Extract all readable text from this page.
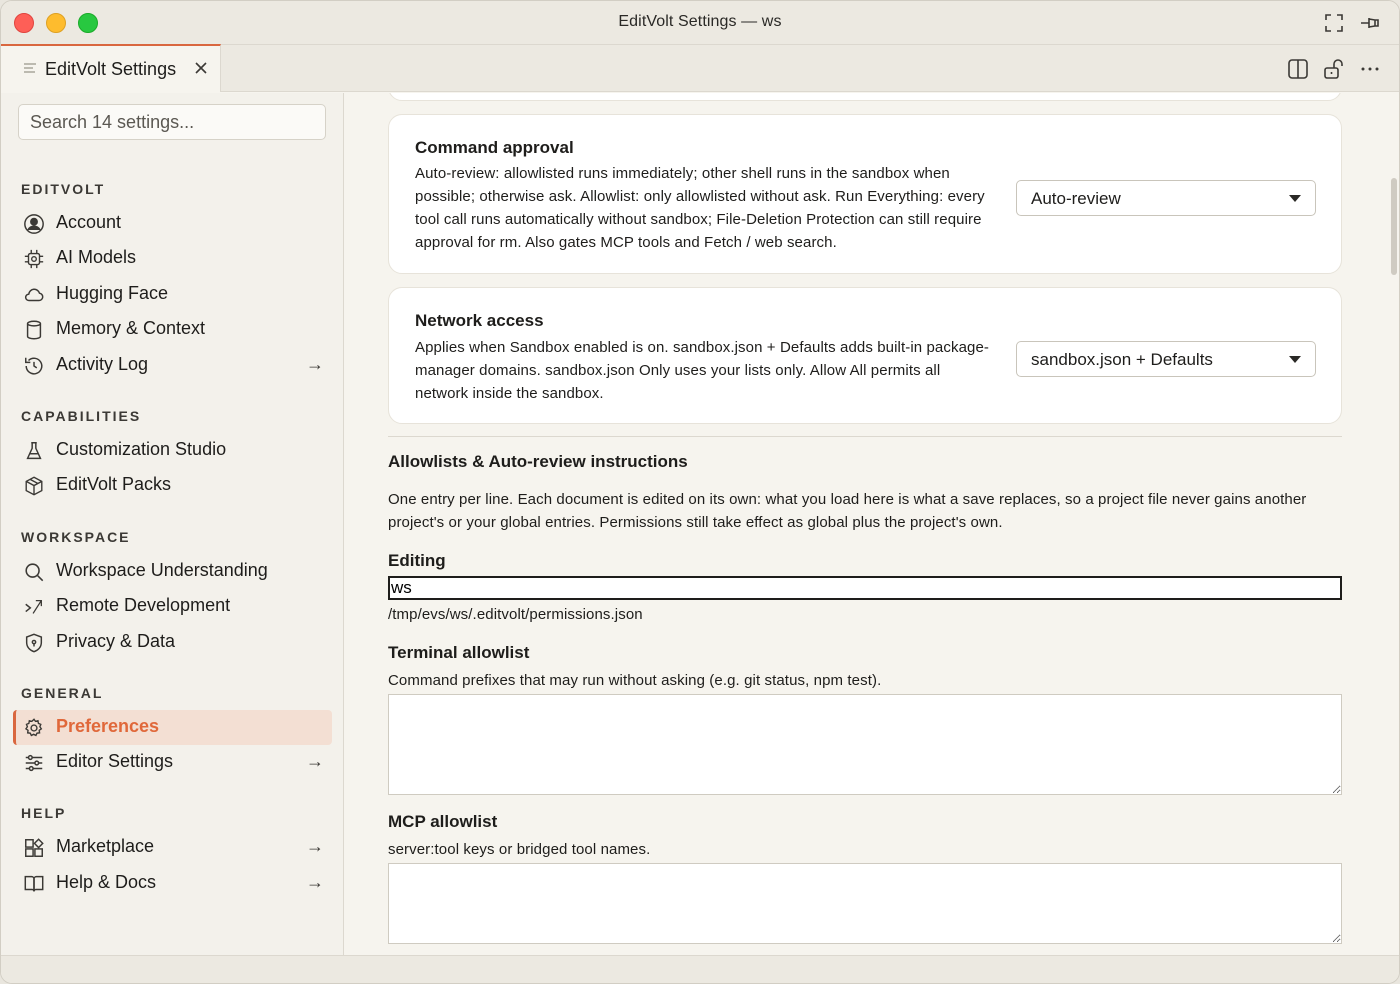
EditVolt Settings — ws
EditVolt Settings
Search 14 settings...
EDITVOLT
Account
AI Models
Hugging Face
Memory & Context
Activity Log	→
CAPABILITIES
Customization Studio
EditVolt Packs
WORKSPACE
Workspace Understanding
Remote Development
Privacy & Data
GENERAL
Preferences
Editor Settings	→
HELP
Marketplace	→
Help & Docs	→
Command approval
Auto-review: allowlisted runs immediately; other shell runs in the sandbox when possible; otherwise ask. Allowlist: only allowlisted without ask. Run Everything: every tool call runs automatically without sandbox; File-Deletion Protection can still require approval for rm. Also gates MCP tools and Fetch / web search.
Auto-review
Network access
Applies when Sandbox enabled is on. sandbox.json + Defaults adds built-in package-manager domains. sandbox.json Only uses your lists only. Allow All permits all network inside the sandbox.
sandbox.json + Defaults
Allowlists & Auto-review instructions
One entry per line. Each document is edited on its own: what you load here is what a save replaces, so a project file never gains another project's or your global entries. Permissions still take effect as global plus the project's own.
Editing
ws
/tmp/evs/ws/.editvolt/permissions.json
Terminal allowlist
Command prefixes that may run without asking (e.g. git status, npm test).
MCP allowlist
server:tool keys or bridged tool names.
